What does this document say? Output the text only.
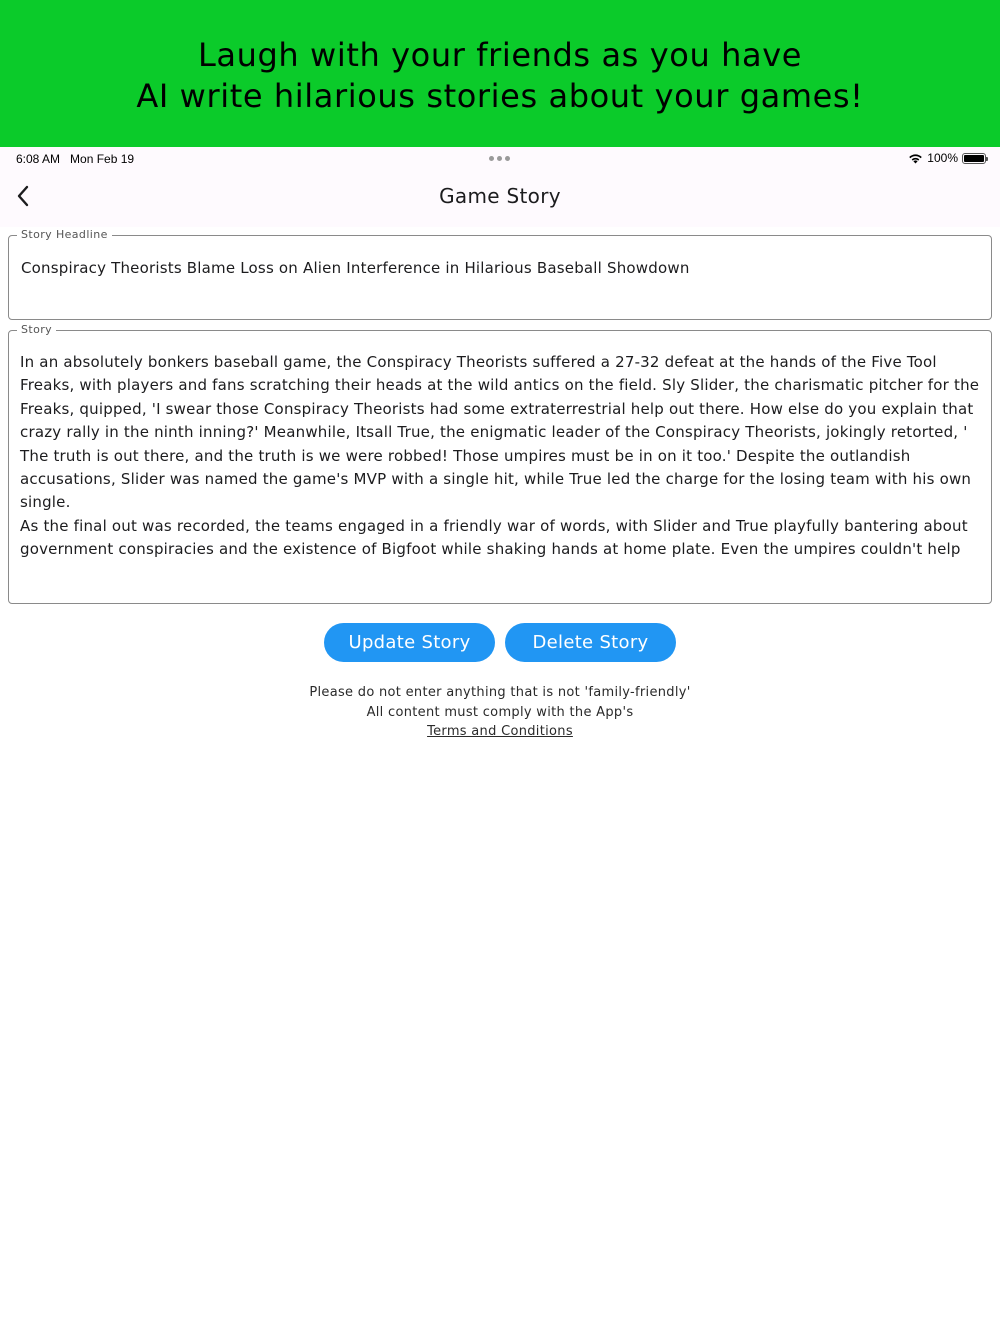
Laugh with your friends as you have
AI write hilarious stories about your games!
6:08 AM Mon Feb 19	100%
Game Story
Story Headline
Conspiracy Theorists Blame Loss on Alien Interference in Hilarious Baseball Showdown
Story

In an absolutely bonkers baseball game, the Conspiracy Theorists suffered a 27-32 defeat at the hands of the Five Tool Freaks, with players and fans scratching their heads at the wild antics on the field. Sly Slider, the charismatic pitcher for the Freaks, quipped, 'I swear those Conspiracy Theorists had some extraterrestrial help out there. How else do you explain that crazy rally in the ninth inning?' Meanwhile, Itsall True, the enigmatic leader of the Conspiracy Theorists, jokingly retorted, '

The truth is out there, and the truth is we were robbed! Those umpires must be in on it too.' Despite the outlandish accusations, Slider was named the game's MVP with a single hit, while True led the charge for the losing team with his own single.

As the final out was recorded, the teams engaged in a friendly war of words, with Slider and True playfully bantering about government conspiracies and the existence of Bigfoot while shaking hands at home plate. Even the umpires couldn't help

Update Story	Delete Story
Please do not enter anything that is not 'family-friendly'
All content must comply with the App's
Terms and Conditions
